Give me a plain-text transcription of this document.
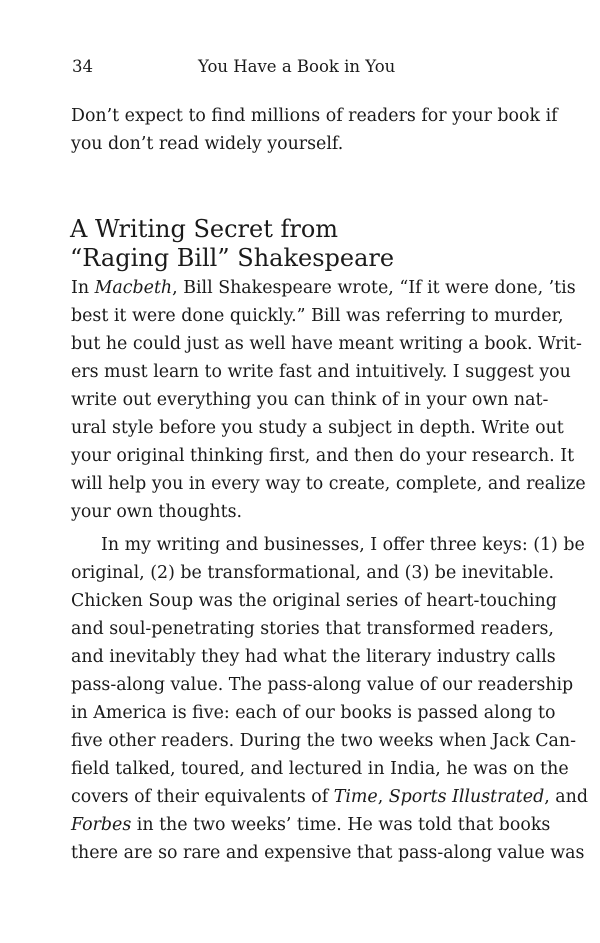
34	You Have a Book in You
Don’t expect to find millions of readers for your book if
you don’t read widely yourself.
A Writing Secret from
“Raging Bill” Shakespeare
In Macbeth, Bill Shakespeare wrote, “If it were done, ’tis
best it were done quickly.” Bill was referring to murder,
but he could just as well have meant writing a book. Writ-
ers must learn to write fast and intuitively. I suggest you
write out everything you can think of in your own nat-
ural style before you study a subject in depth. Write out
your original thinking first, and then do your research. It
will help you in every way to create, complete, and realize
your own thoughts.
In my writing and businesses, I offer three keys: (1) be
original, (2) be transformational, and (3) be inevitable.
Chicken Soup was the original series of heart-touching
and soul-penetrating stories that transformed readers,
and inevitably they had what the literary industry calls
pass-along value. The pass-along value of our readership
in America is five: each of our books is passed along to
five other readers. During the two weeks when Jack Can-
field talked, toured, and lectured in India, he was on the
covers of their equivalents of Time, Sports Illustrated, and
Forbes in the two weeks’ time. He was told that books
there are so rare and expensive that pass-along value was
